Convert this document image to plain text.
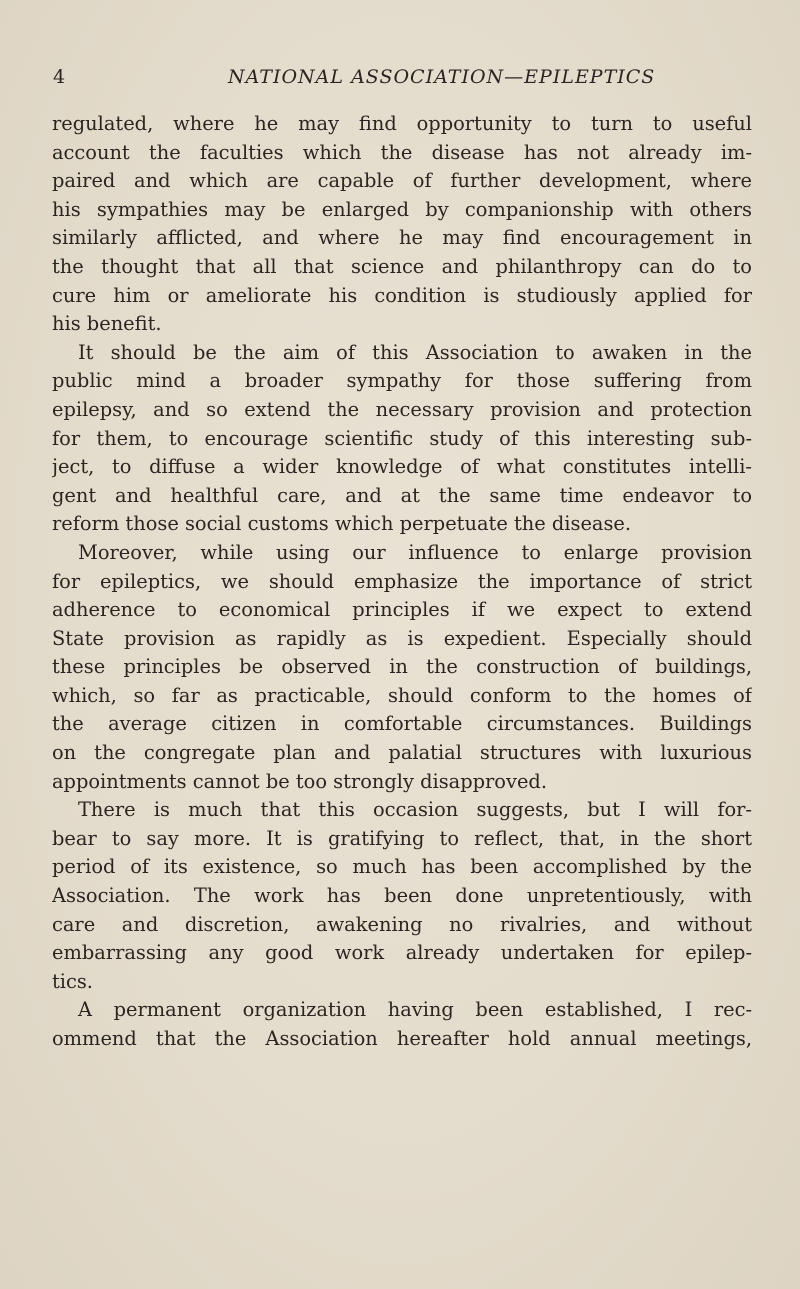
4	NATIONAL ASSOCIATION—EPILEPTICS
regulated, where he may find opportunity to turn to useful
account the faculties which the disease has not already im-
paired and which are capable of further development, where
his sympathies may be enlarged by companionship with others
similarly afflicted, and where he may find encouragement in
the thought that all that science and philanthropy can do to
cure him or ameliorate his condition is studiously applied for
his benefit.
It should be the aim of this Association to awaken in the
public mind a broader sympathy for those suffering from
epilepsy, and so extend the necessary provision and protection
for them, to encourage scientific study of this interesting sub-
ject, to diffuse a wider knowledge of what constitutes intelli-
gent and healthful care, and at the same time endeavor to
reform those social customs which perpetuate the disease.
Moreover, while using our influence to enlarge provision
for epileptics, we should emphasize the importance of strict
adherence to economical principles if we expect to extend
State provision as rapidly as is expedient. Especially should
these principles be observed in the construction of buildings,
which, so far as practicable, should conform to the homes of
the average citizen in comfortable circumstances. Buildings
on the congregate plan and palatial structures with luxurious
appointments cannot be too strongly disapproved.
There is much that this occasion suggests, but I will for-
bear to say more. It is gratifying to reflect, that, in the short
period of its existence, so much has been accomplished by the
Association. The work has been done unpretentiously, with
care and discretion, awakening no rivalries, and without
embarrassing any good work already undertaken for epilep-
tics.
A permanent organization having been established, I rec-
ommend that the Association hereafter hold annual meetings,
